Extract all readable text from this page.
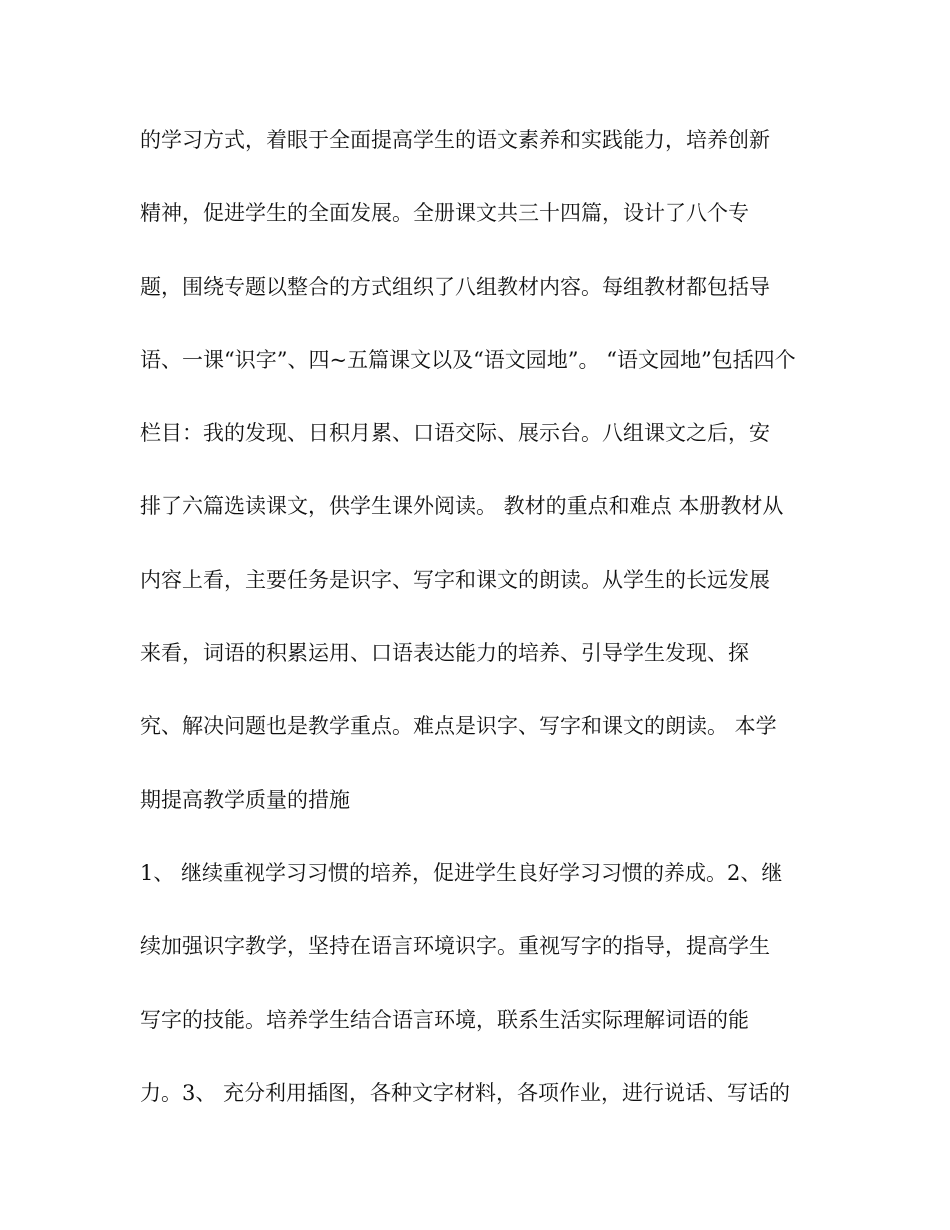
的学习方式，着眼于全面提高学生的语文素养和实践能力，培养创新
精神，促进学生的全面发展。全册课文共三十四篇，设计了八个专
题，围绕专题以整合的方式组织了八组教材内容。每组教材都包括导
语、一课“识字”、四~五篇课文以及“语文园地”。 “语文园地”包括四个
栏目：我的发现、日积月累、口语交际、展示台。八组课文之后，安
排了六篇选读课文，供学生课外阅读。 教材的重点和难点 本册教材从
内容上看，主要任务是识字、写字和课文的朗读。从学生的长远发展
来看，词语的积累运用、口语表达能力的培养、引导学生发现、探
究、解决问题也是教学重点。难点是识字、写字和课文的朗读。 本学
期提高教学质量的措施
1、 继续重视学习习惯的培养，促进学生良好学习习惯的养成。2、继
续加强识字教学，坚持在语言环境识字。重视写字的指导，提高学生
写字的技能。培养学生结合语言环境，联系生活实际理解词语的能
力。3、 充分利用插图，各种文字材料，各项作业，进行说话、写话的
